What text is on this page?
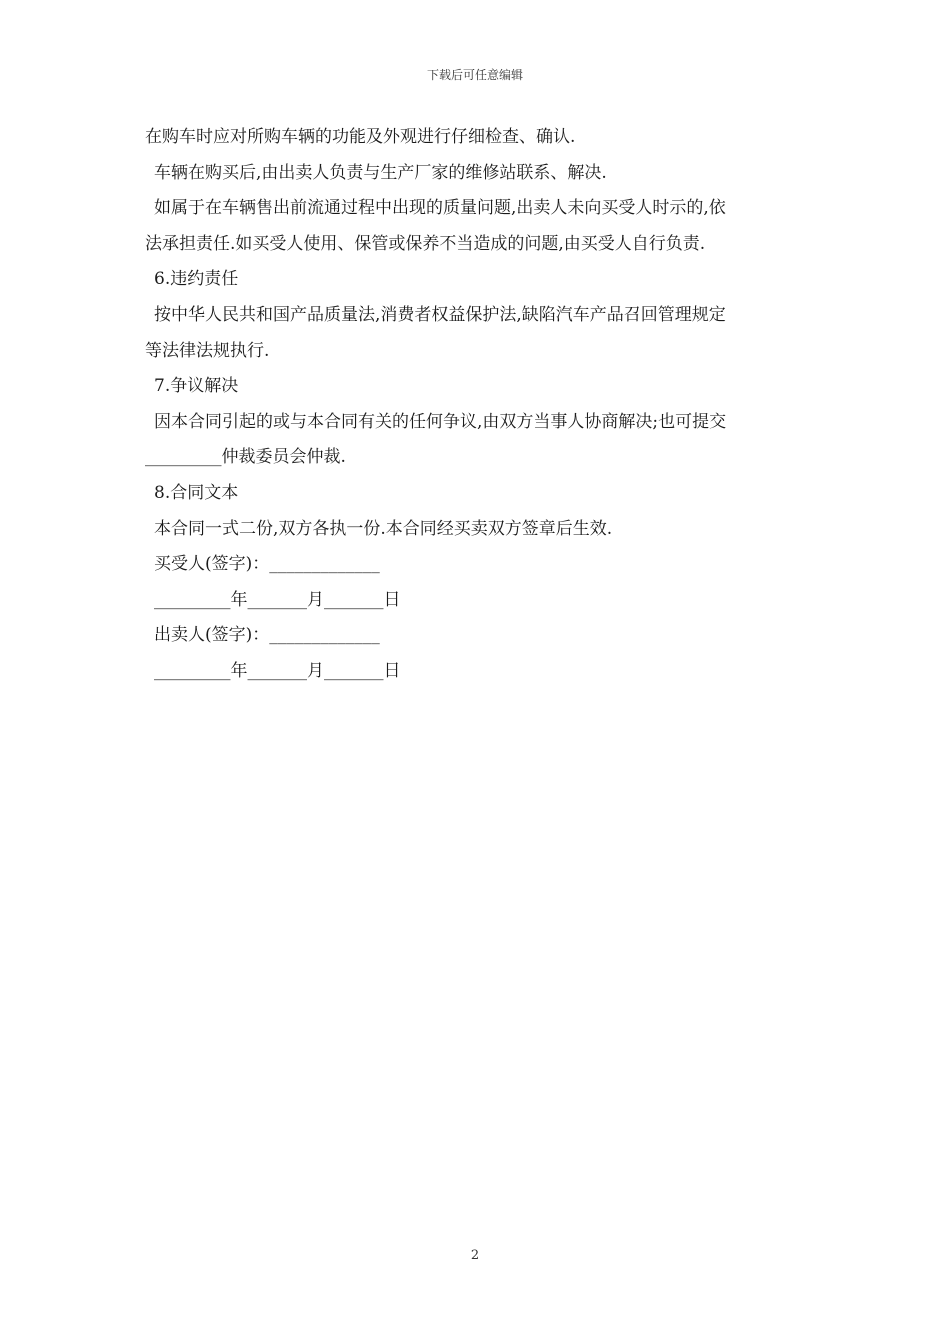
下载后可任意编辑
在购车时应对所购车辆的功能及外观进行仔细检查、确认.
车辆在购买后,由出卖人负责与生产厂家的维修站联系、解决.
如属于在车辆售出前流通过程中出现的质量问题,出卖人未向买受人时示的,依
法承担责任.如买受人使用、保管或保养不当造成的问题,由买受人自行负责.
6.违约责任
按中华人民共和国产品质量法,消费者权益保护法,缺陷汽车产品召回管理规定
等法律法规执行.
7.争议解决
因本合同引起的或与本合同有关的任何争议,由双方当事人协商解决;也可提交
_________仲裁委员会仲裁.
8.合同文本
本合同一式二份,双方各执一份.本合同经买卖双方签章后生效.
买受人(签字)：_____________
_________年_______月_______日
出卖人(签字)：_____________
_________年_______月_______日
2
